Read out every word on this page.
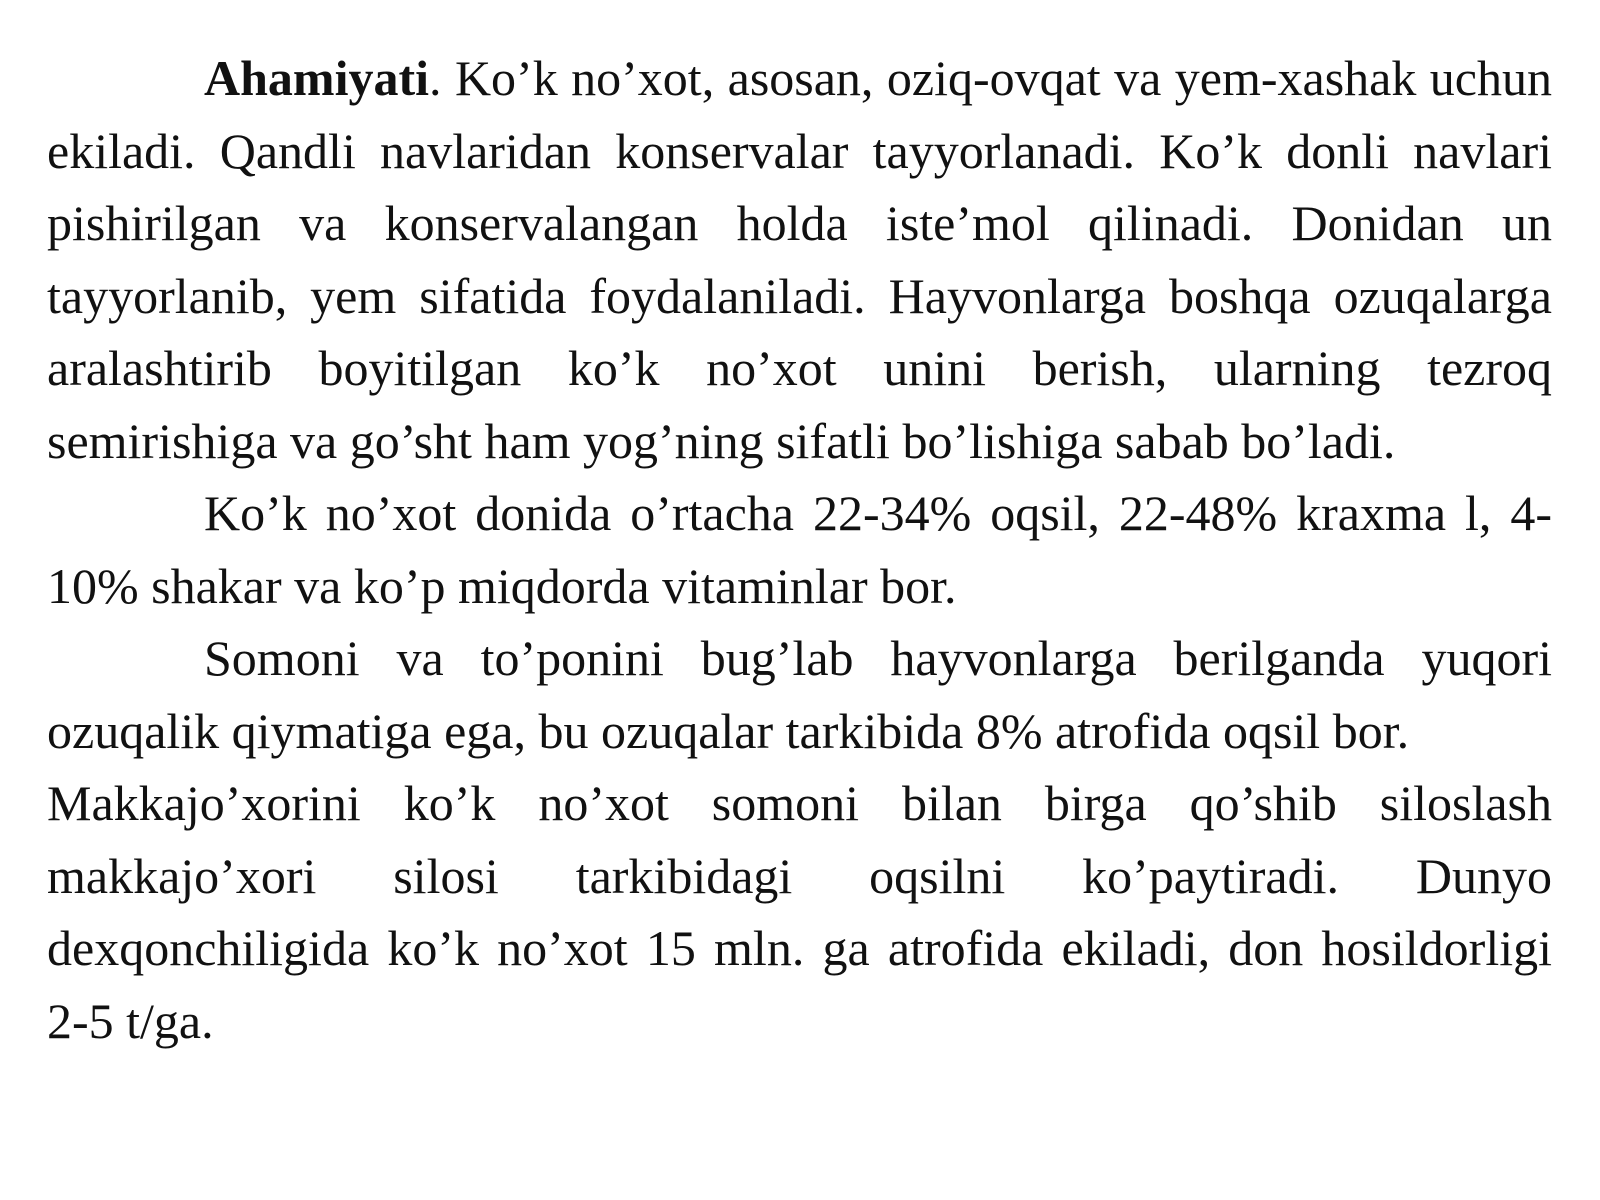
Ahamiyati. Ko’k no’xot, asosan, oziq-ovqat va yem-xashak uchun ekiladi. Qandli navlaridan konservalar tayyorlanadi. Ko’k donli navlari pishirilgan va konservalangan holda iste’mol qilinadi. Donidan un tayyorlanib, yem sifatida foydalaniladi. Hayvonlarga boshqa ozuqalarga aralashtirib boyitilgan ko’k no’xot unini berish, ularning tezroq semirishiga va go’sht ham yog’ning sifatli bo’lishiga sabab bo’ladi.

Ko’k no’xot donida o’rtacha 22-34% oqsil, 22-48% kraxma l, 4-10% shakar va ko’p miqdorda vitaminlar bor.

Somoni va to’ponini bug’lab hayvonlarga berilganda yuqori ozuqalik qiymatiga ega, bu ozuqalar tarkibida 8% atrofida oqsil bor.

Makkajo’xorini ko’k no’xot somoni bilan birga qo’shib siloslash makkajo’xori silosi tarkibidagi oqsilni ko’paytiradi. Dunyo dexqonchiligida ko’k no’xot 15 mln. ga atrofida ekiladi, don hosildorligi 2-5 t/ga.
